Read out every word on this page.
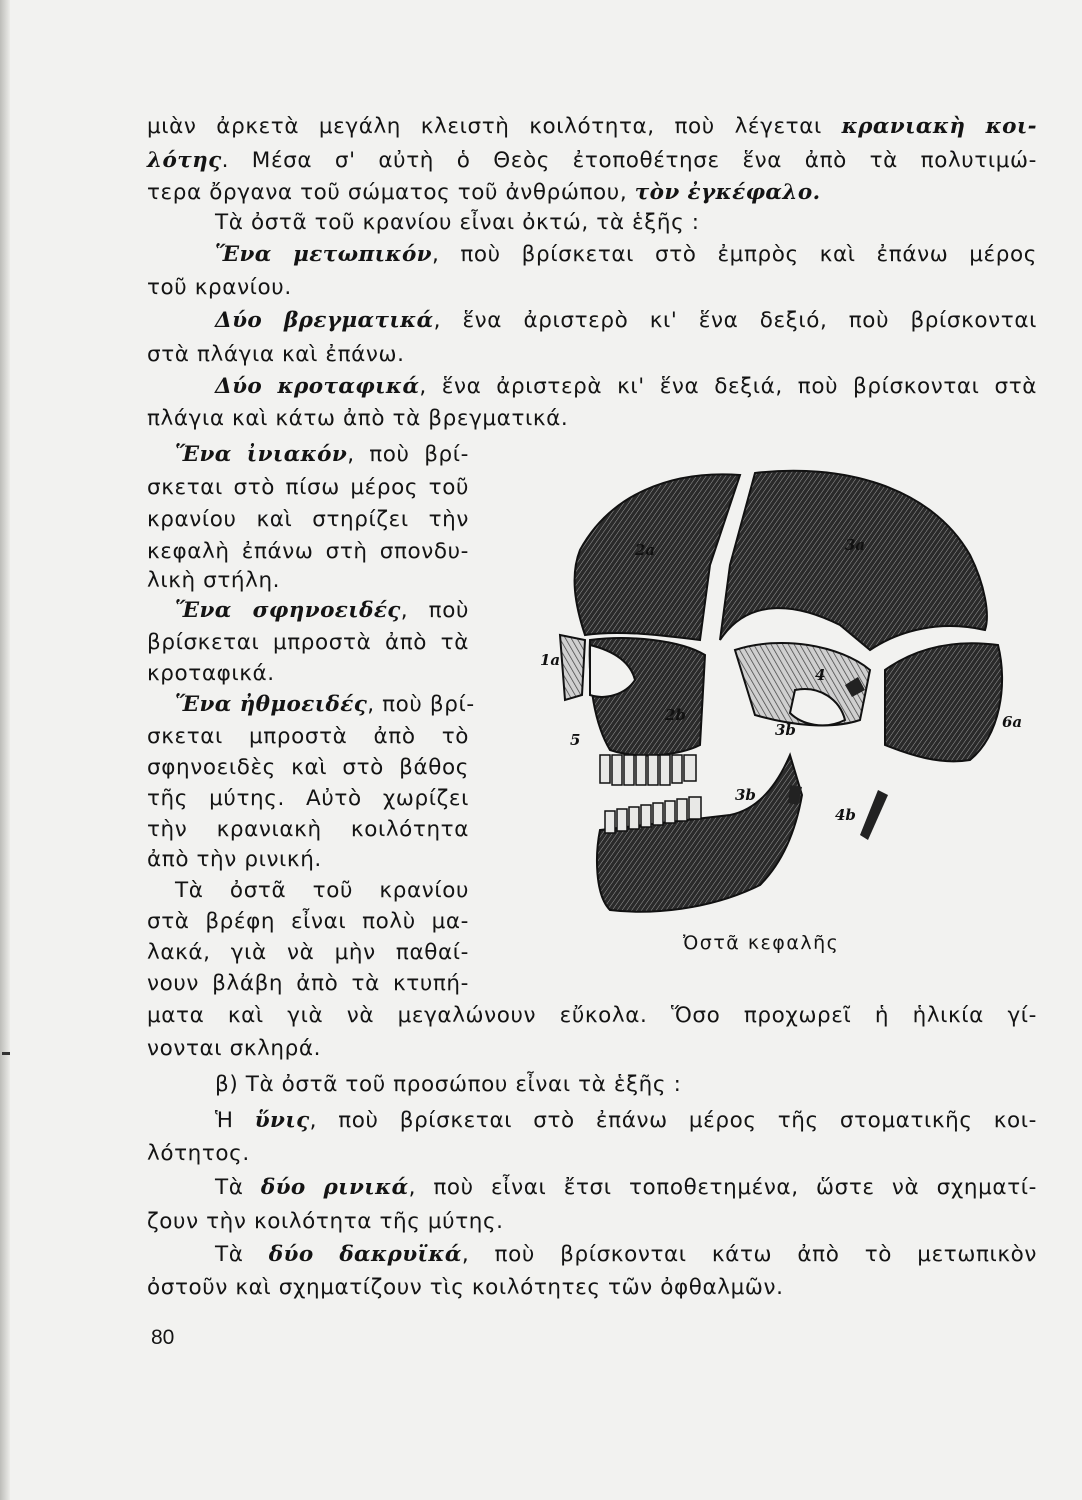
μιὰν ἀρκετὰ μεγάλη κλειστὴ κοιλότητα, ποὺ λέγεται κρανιακὴ κοι-
λότης. Μέσα σ' αὐτὴ ὁ Θεὸς ἐτοποθέτησε ἕνα ἀπὸ τὰ πολυτιμώ-
τερα ὄργανα τοῦ σώματος τοῦ ἀνθρώπου, τὸν ἐγκέφαλο.
Τὰ ὀστᾶ τοῦ κρανίου εἶναι ὀκτώ, τὰ ἑξῆς :
Ἕνα μετωπικόν, ποὺ βρίσκεται στὸ ἐμπρὸς καὶ ἐπάνω μέρος
τοῦ κρανίου.
Δύο βρεγματικά, ἕνα ἀριστερὸ κι' ἕνα δεξιό, ποὺ βρίσκονται
στὰ πλάγια καὶ ἐπάνω.
Δύο κροταφικά, ἕνα ἀριστερὰ κι' ἕνα δεξιά, ποὺ βρίσκονται στὰ
πλάγια καὶ κάτω ἀπὸ τὰ βρεγματικά.
Ἕνα ἰνιακόν, ποὺ βρί-
σκεται στὸ πίσω μέρος τοῦ
κρανίου καὶ στηρίζει τὴν
κεφαλὴ ἐπάνω στὴ σπονδυ-
λικὴ στήλη.
Ἕνα σφηνοειδές, ποὺ
βρίσκεται μπροστὰ ἀπὸ τὰ
κροταφικά.
Ἕνα ἠθμοειδές, ποὺ βρί-
σκεται μπροστὰ ἀπὸ τὸ
σφηνοειδὲς καὶ στὸ βάθος
τῆς μύτης. Αὐτὸ χωρίζει
τὴν κρανιακὴ κοιλότητα
ἀπὸ τὴν ρινική.
Τὰ ὀστᾶ τοῦ κρανίου
στὰ βρέφη εἶναι πολὺ μα-
λακά, γιὰ νὰ μὴν παθαί-
νουν βλάβη ἀπὸ τὰ κτυπή-
ματα καὶ γιὰ νὰ μεγαλώνουν εὔκολα. Ὅσο προχωρεῖ ἡ ἡλικία γί-
νονται σκληρά.
β) Τὰ ὀστᾶ τοῦ προσώπου εἶναι τὰ ἑξῆς :
Ἡ ὕνις, ποὺ βρίσκεται στὸ ἐπάνω μέρος τῆς στοματικῆς κοι-
λότητος.
Τὰ δύο ρινικά, ποὺ εἶναι ἔτσι τοποθετημένα, ὥστε νὰ σχηματί-
ζουν τὴν κοιλότητα τῆς μύτης.
Τὰ δύο δακρυϊκά, ποὺ βρίσκονται κάτω ἀπὸ τὸ μετωπικὸν
ὀστοῦν καὶ σχηματίζουν τὶς κοιλότητες τῶν ὀφθαλμῶν.
1a
2a	3a
2b
3b
4
5
4b
6a
3b
Ὀστᾶ κεφαλῆς
80
